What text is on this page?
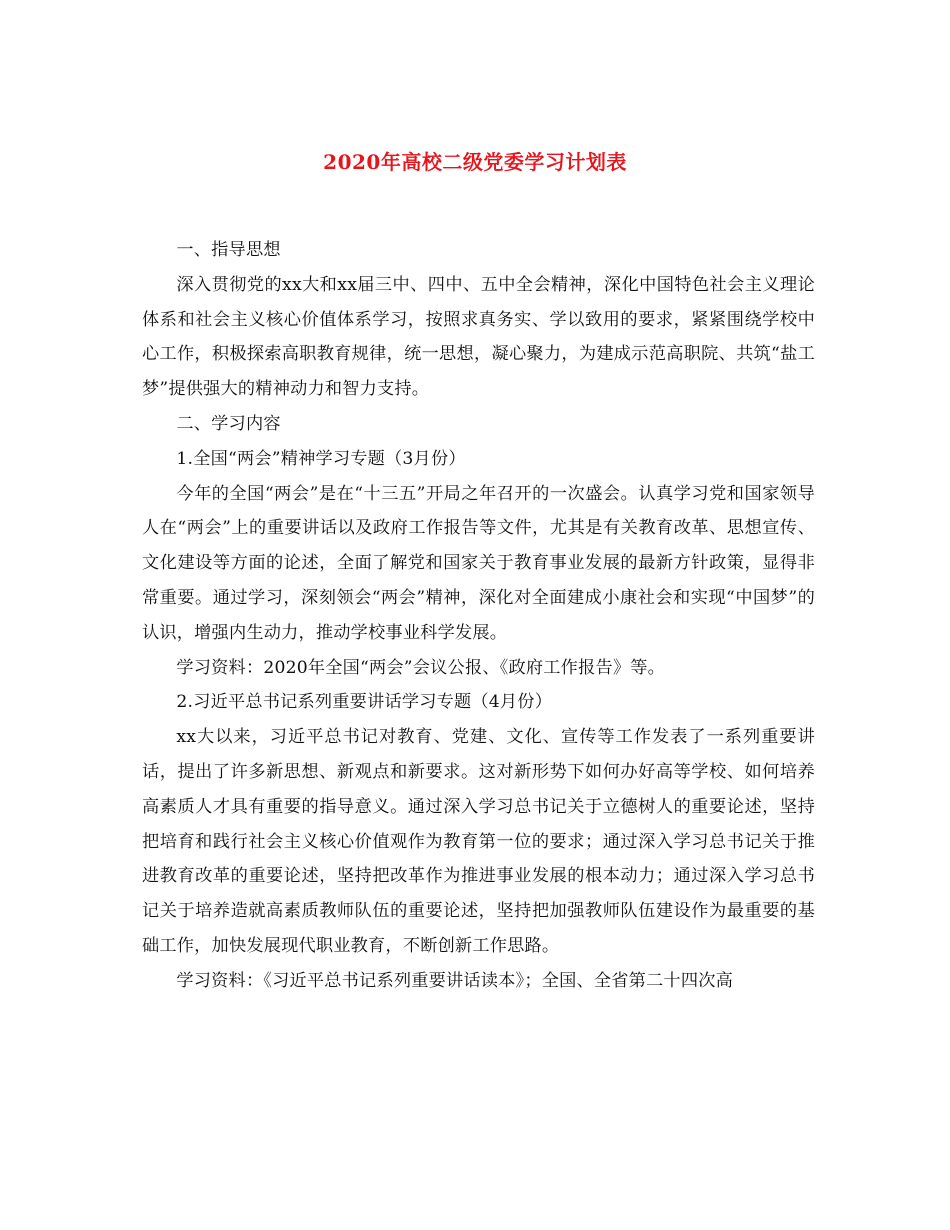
2020年高校二级党委学习计划表

一、指导思想

深入贯彻党的xx大和xx届三中、四中、五中全会精神，深化中国特色社会主义理论体系和社会主义核心价值体系学习，按照求真务实、学以致用的要求，紧紧围绕学校中心工作，积极探索高职教育规律，统一思想，凝心聚力，为建成示范高职院、共筑“盐工梦”提供强大的精神动力和智力支持。

二、学习内容

1.全国“两会”精神学习专题（3月份）

今年的全国“两会”是在“十三五”开局之年召开的一次盛会。认真学习党和国家领导人在“两会”上的重要讲话以及政府工作报告等文件，尤其是有关教育改革、思想宣传、文化建设等方面的论述，全面了解党和国家关于教育事业发展的最新方针政策，显得非常重要。通过学习，深刻领会“两会”精神，深化对全面建成小康社会和实现“中国梦”的认识，增强内生动力，推动学校事业科学发展。

学习资料：2020年全国“两会”会议公报、《政府工作报告》等。

2.习近平总书记系列重要讲话学习专题（4月份）

xx大以来，习近平总书记对教育、党建、文化、宣传等工作发表了一系列重要讲话，提出了许多新思想、新观点和新要求。这对新形势下如何办好高等学校、如何培养高素质人才具有重要的指导意义。通过深入学习总书记关于立德树人的重要论述，坚持把培育和践行社会主义核心价值观作为教育第一位的要求；通过深入学习总书记关于推进教育改革的重要论述，坚持把改革作为推进事业发展的根本动力；通过深入学习总书记关于培养造就高素质教师队伍的重要论述，坚持把加强教师队伍建设作为最重要的基础工作，加快发展现代职业教育，不断创新工作思路。

学习资料：《习近平总书记系列重要讲话读本》；全国、全省第二十四次高
